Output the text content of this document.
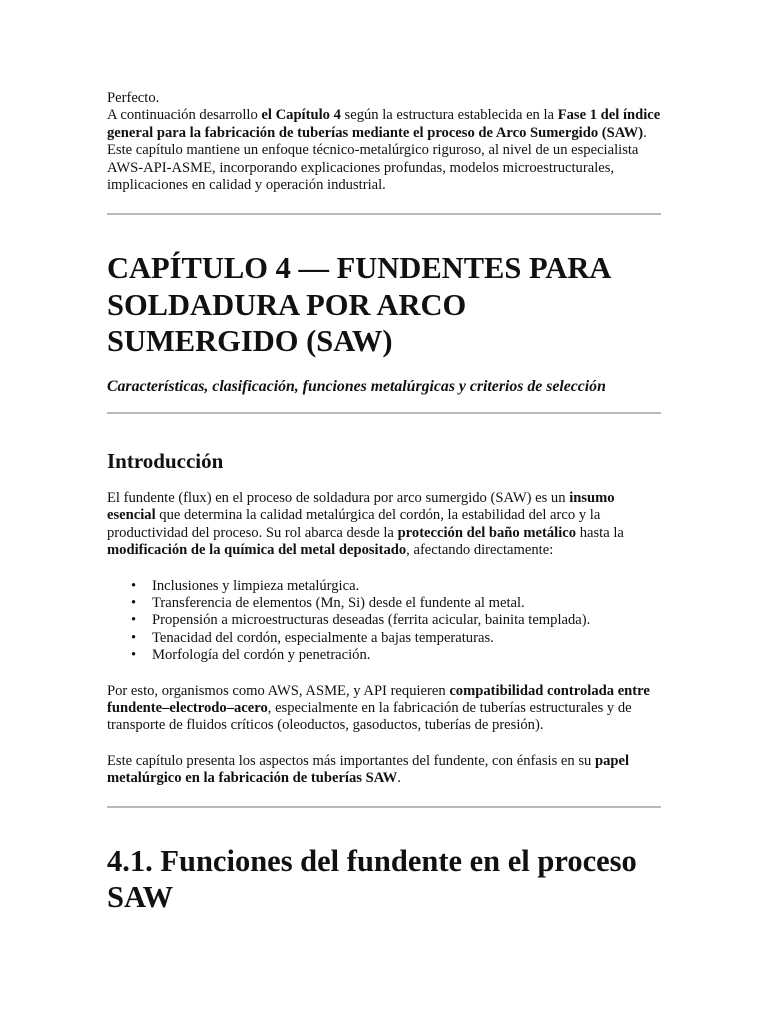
Perfecto.

A continuación desarrollo el Capítulo 4 según la estructura establecida en la Fase 1 del índice general para la fabricación de tuberías mediante el proceso de Arco Sumergido (SAW). Este capítulo mantiene un enfoque técnico-metalúrgico riguroso, al nivel de un especialista AWS-API-ASME, incorporando explicaciones profundas, modelos microestructurales, implicaciones en calidad y operación industrial.

CAPÍTULO 4 — FUNDENTES PARA SOLDADURA POR ARCO SUMERGIDO (SAW)
Características, clasificación, funciones metalúrgicas y criterios de selección
Introducción

El fundente (flux) en el proceso de soldadura por arco sumergido (SAW) es un insumo esencial que determina la calidad metalúrgica del cordón, la estabilidad del arco y la productividad del proceso. Su rol abarca desde la protección del baño metálico hasta la modificación de la química del metal depositado, afectando directamente:

• Inclusiones y limpieza metalúrgica.
• Transferencia de elementos (Mn, Si) desde el fundente al metal.
• Propensión a microestructuras deseadas (ferrita acicular, bainita templada).
• Tenacidad del cordón, especialmente a bajas temperaturas.
• Morfología del cordón y penetración.

Por esto, organismos como AWS, ASME, y API requieren compatibilidad controlada entre fundente–electrodo–acero, especialmente en la fabricación de tuberías estructurales y de transporte de fluidos críticos (oleoductos, gasoductos, tuberías de presión).

Este capítulo presenta los aspectos más importantes del fundente, con énfasis en su papel metalúrgico en la fabricación de tuberías SAW.

4.1. Funciones del fundente en el proceso SAW
